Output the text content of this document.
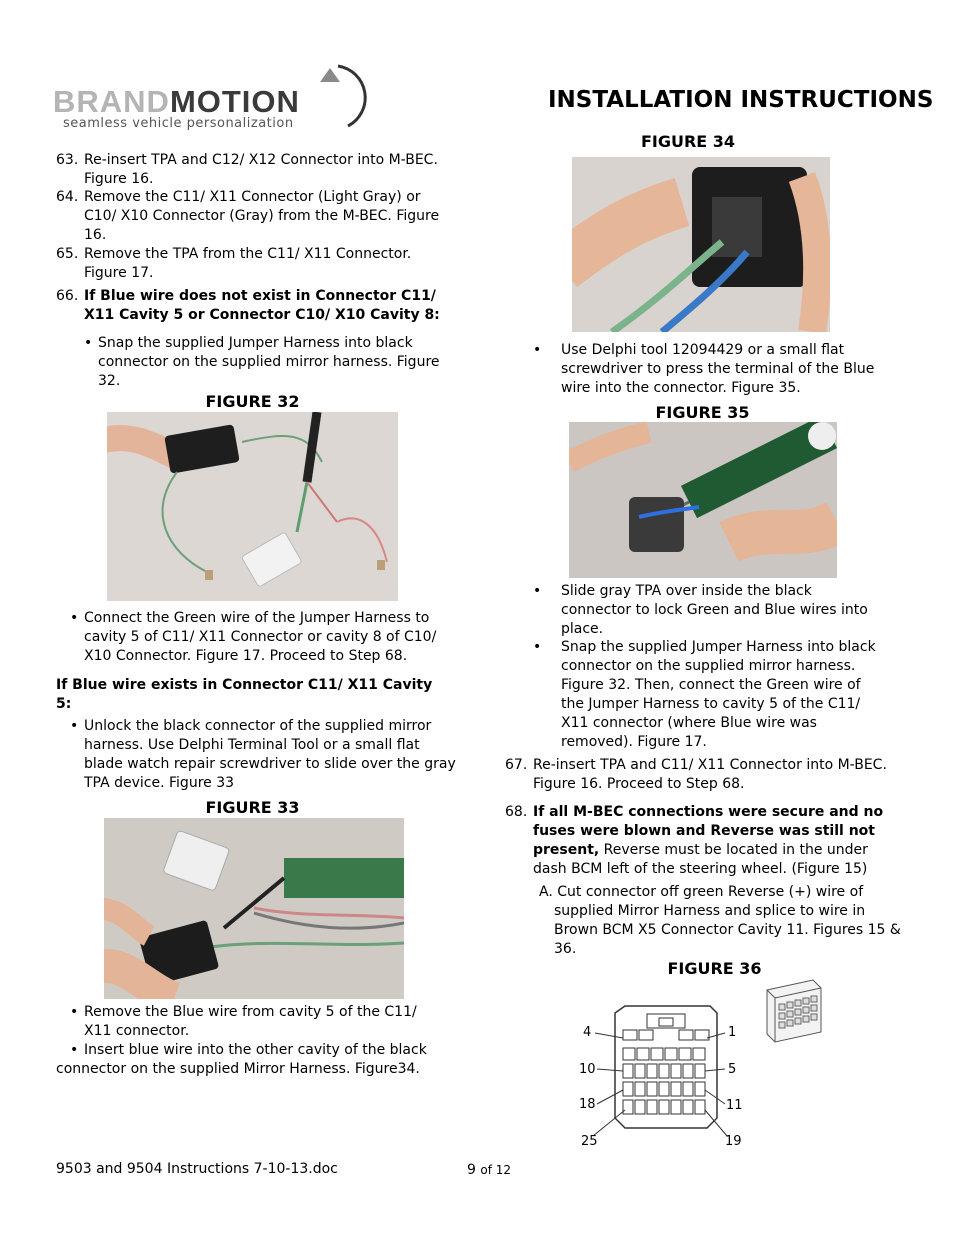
BRANDMOTION
seamless vehicle personalization
INSTALLATION INSTRUCTIONS
63. Re-insert TPA and C12/ X12 Connector into M-BEC.
Figure 16.
64. Remove the C11/ X11 Connector (Light Gray) or
C10/ X10 Connector (Gray) from the M-BEC. Figure
16.
65. Remove the TPA from the C11/ X11 Connector.
Figure 17.
66. If Blue wire does not exist in Connector C11/
X11 Cavity 5 or Connector C10/ X10 Cavity 8:
• Snap the supplied Jumper Harness into black
connector on the supplied mirror harness. Figure
32.
FIGURE 32
• Connect the Green wire of the Jumper Harness to
cavity 5 of C11/ X11 Connector or cavity 8 of C10/
X10 Connector. Figure 17. Proceed to Step 68.
If Blue wire exists in Connector C11/ X11 Cavity
5:
• Unlock the black connector of the supplied mirror
harness. Use Delphi Terminal Tool or a small flat
blade watch repair screwdriver to slide over the gray
TPA device. Figure 33
FIGURE 33
• Remove the Blue wire from cavity 5 of the C11/
X11 connector.
• Insert blue wire into the other cavity of the black
connector on the supplied Mirror Harness. Figure34.
FIGURE 34
• Use Delphi tool 12094429 or a small flat
screwdriver to press the terminal of the Blue
wire into the connector. Figure 35.
FIGURE 35
• Slide gray TPA over inside the black
connector to lock Green and Blue wires into
place.
• Snap the supplied Jumper Harness into black
connector on the supplied mirror harness.
Figure 32. Then, connect the Green wire of
the Jumper Harness to cavity 5 of the C11/
X11 connector (where Blue wire was
removed). Figure 17.
67. Re-insert TPA and C11/ X11 Connector into M-BEC.
Figure 16. Proceed to Step 68.
68. If all M-BEC connections were secure and no
fuses were blown and Reverse was still not
present, Reverse must be located in the under
dash BCM left of the steering wheel. (Figure 15)
A. Cut connector off green Reverse (+) wire of
supplied Mirror Harness and splice to wire in
Brown BCM X5 Connector Cavity 11. Figures 15 &
36.
FIGURE 36
4	1
10	5
18	11
25	19
9503 and 9504 Instructions 7-10-13.doc	9 of 12
